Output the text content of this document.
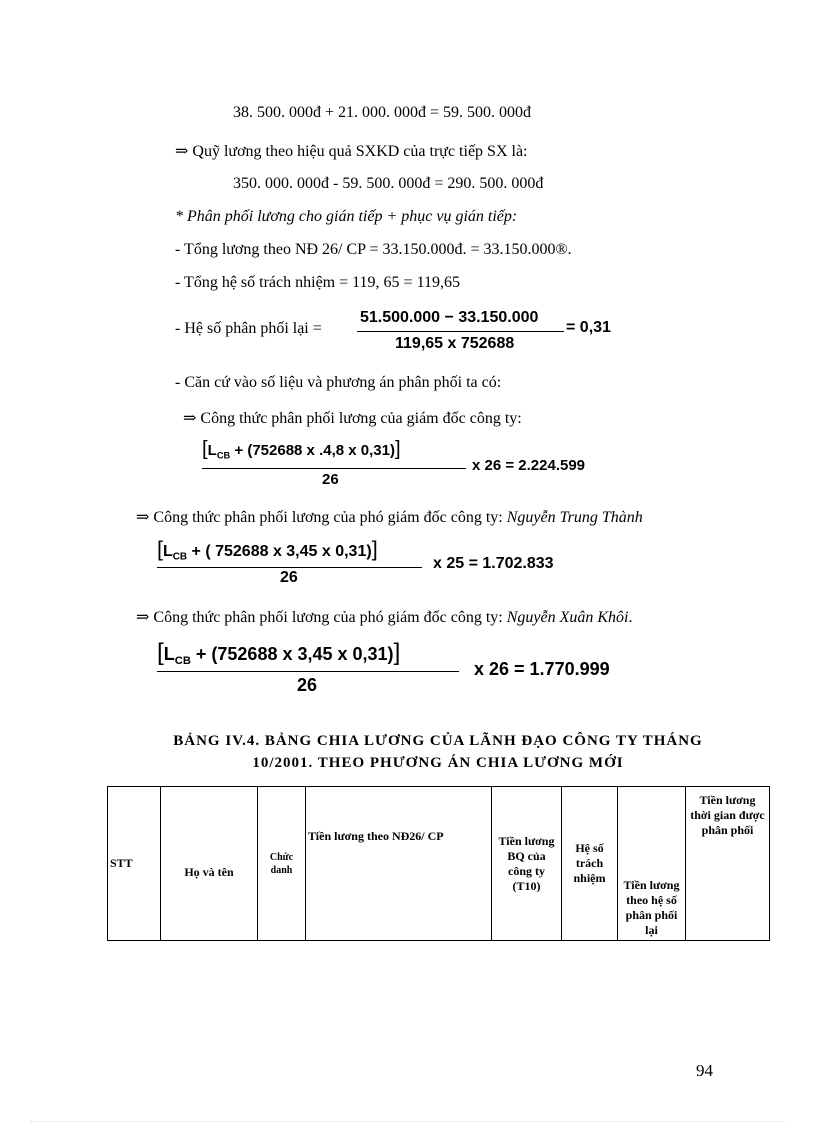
38. 500. 000đ + 21. 000. 000đ = 59. 500. 000đ
⇒ Quỹ lương theo hiệu quả SXKD của trực tiếp SX là:
350. 000. 000đ - 59. 500. 000đ = 290. 500. 000đ
* Phân phối lương cho gián tiếp + phục vụ gián tiếp:
- Tổng lương theo NĐ 26/ CP = 33.150.000đ. = 33.150.000®.
- Tổng hệ số trách nhiệm = 119, 65 = 119,65
- Hệ số phân phối lại =
51.500.000 − 33.150.000
119,65 x 752688
= 0,31
- Căn cứ vào số liệu và phương án phân phối ta có:
⇒ Công thức phân phối lương của giám đốc công ty:
[$L_{CB} + (752688$ x .4,8 x 0,31)]
26
x 26 = 2.224.599
⇒ Công thức phân phối lương của phó giám đốc công ty: Nguyễn Trung Thành
[$L_{CB}$ + ( 752688 x 3,45 x 0,31)]
26
x 25 = 1.702.833
⇒ Công thức phân phối lương của phó giám đốc công ty: Nguyễn Xuân Khôi.
[$L_{CB} + (752688$ x 3,45 x 0,31)]
26
x 26 = 1.770.999
BẢNG IV.4. BẢNG CHIA LƯƠNG CỦA LÃNH ĐẠO CÔNG TY THÁNG
10/2001. THEO PHƯƠNG ÁN CHIA LƯƠNG MỚI
STT	Họ và tên	Chức danh	Tiền lương theo NĐ26/ CP	Tiền lương BQ của công ty (T10)	Hệ số trách nhiệm	Tiền lương theo hệ số phân phối lại	Tiền lương thời gian được phân phối
94
